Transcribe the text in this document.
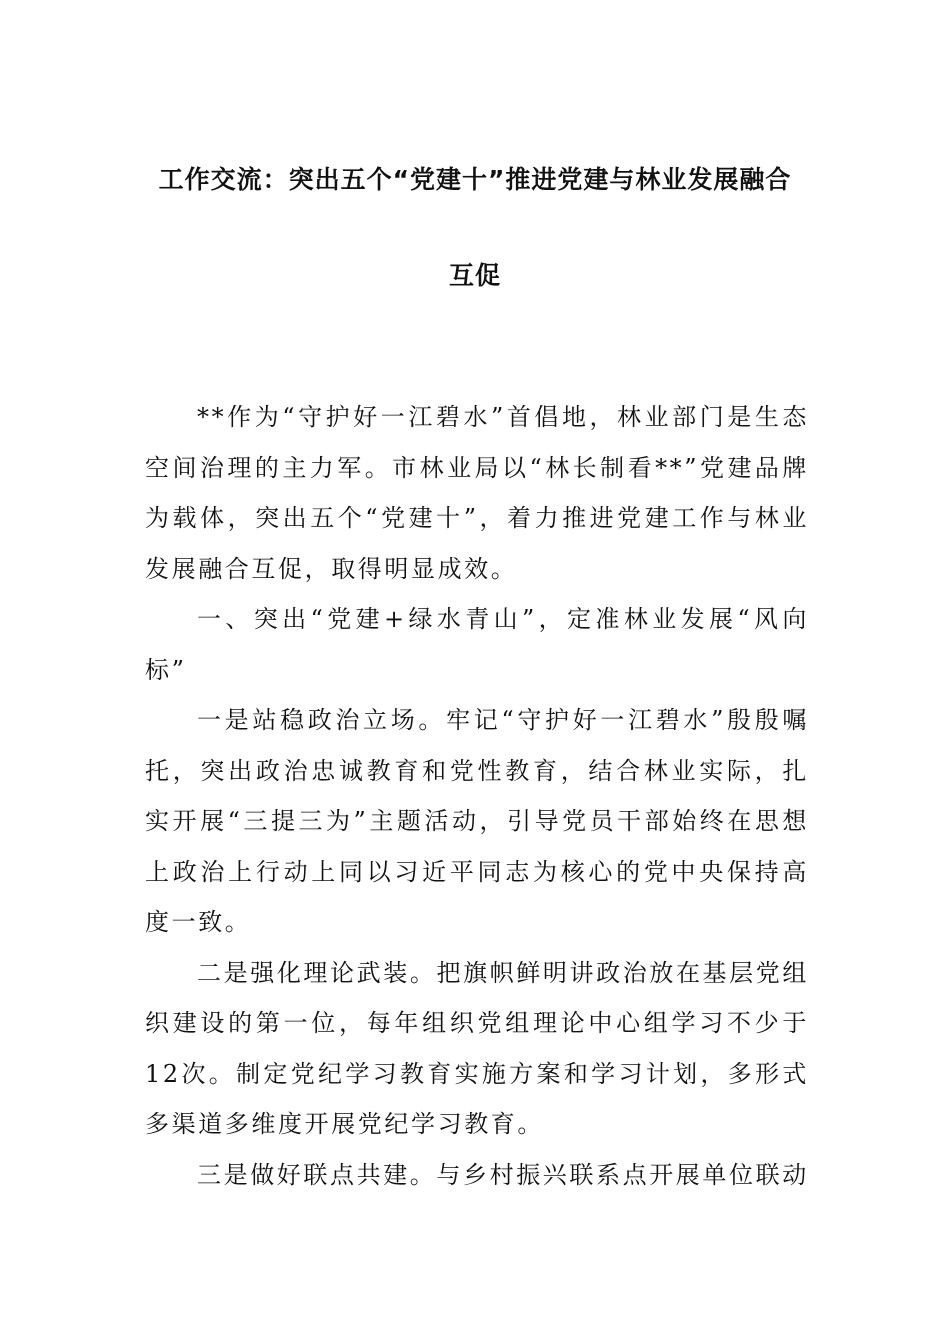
工作交流：突出五个“党建十”推进党建与林业发展融合
互促

**作为“守护好一江碧水”首倡地，林业部门是生态空间治理的主力军。市林业局以“林长制看**”党建品牌为载体，突出五个“党建十”，着力推进党建工作与林业发展融合互促，取得明显成效。

一、突出“党建+绿水青山”，定准林业发展“风向标”

一是站稳政治立场。牢记“守护好一江碧水”殷殷嘱托，突出政治忠诚教育和党性教育，结合林业实际，扎实开展“三提三为”主题活动，引导党员干部始终在思想上政治上行动上同以习近平同志为核心的党中央保持高度一致。

二是强化理论武装。把旗帜鲜明讲政治放在基层党组织建设的第一位，每年组织党组理论中心组学习不少于12次。制定党纪学习教育实施方案和学习计划，多形式多渠道多维度开展党纪学习教育。

三是做好联点共建。与乡村振兴联系点开展单位联动
